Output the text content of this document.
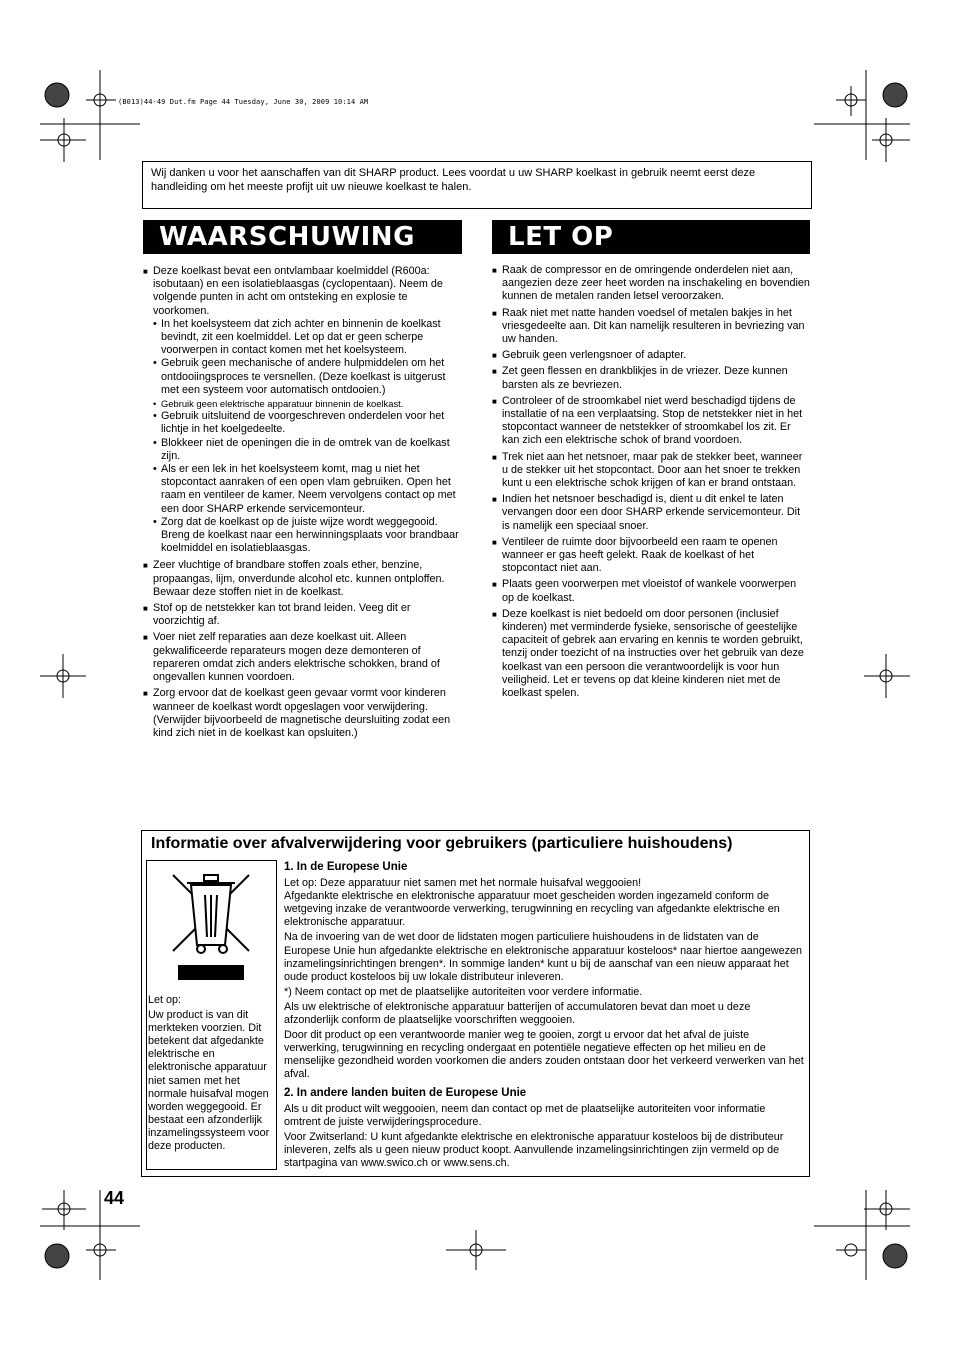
(B013)44-49 Dut.fm Page 44 Tuesday, June 30, 2009 10:14 AM
Wij danken u voor het aanschaffen van dit SHARP product. Lees voordat u uw SHARP koelkast in gebruik neemt eerst deze handleiding om het meeste profijt uit uw nieuwe koelkast te halen.
WAARSCHUWING
■ Deze koelkast bevat een ontvlambaar koelmiddel (R600a: isobutaan) en een isolatieblaasgas (cyclopentaan). Neem de volgende punten in acht om ontsteking en explosie te voorkomen.
• In het koelsysteem dat zich achter en binnenin de koelkast bevindt, zit een koelmiddel. Let op dat er geen scherpe voorwerpen in contact komen met het koelsysteem.
• Gebruik geen mechanische of andere hulpmiddelen om het ontdooiingsproces te versnellen. (Deze koelkast is uitgerust met een systeem voor automatisch ontdooien.)
• Gebruik geen elektrische apparatuur binnenin de koelkast.
• Gebruik uitsluitend de voorgeschreven onderdelen voor het lichtje in het koelgedeelte.
• Blokkeer niet de openingen die in de omtrek van de koelkast zijn.
• Als er een lek in het koelsysteem komt, mag u niet het stopcontact aanraken of een open vlam gebruiken. Open het raam en ventileer de kamer. Neem vervolgens contact op met een door SHARP erkende servicemonteur.
• Zorg dat de koelkast op de juiste wijze wordt weggegooid. Breng de koelkast naar een herwinningsplaats voor brandbaar koelmiddel en isolatieblaasgas.
■ Zeer vluchtige of brandbare stoffen zoals ether, benzine, propaangas, lijm, onverdunde alcohol etc. kunnen ontploffen. Bewaar deze stoffen niet in de koelkast.
■ Stof op de netstekker kan tot brand leiden. Veeg dit er voorzichtig af.
■ Voer niet zelf reparaties aan deze koelkast uit. Alleen gekwalificeerde reparateurs mogen deze demonteren of repareren omdat zich anders elektrische schokken, brand of ongevallen kunnen voordoen.
■ Zorg ervoor dat de koelkast geen gevaar vormt voor kinderen wanneer de koelkast wordt opgeslagen voor verwijdering. (Verwijder bijvoorbeeld de magnetische deursluiting zodat een kind zich niet in de koelkast kan opsluiten.)
LET OP
■ Raak de compressor en de omringende onderdelen niet aan, aangezien deze zeer heet worden na inschakeling en bovendien kunnen de metalen randen letsel veroorzaken.
■ Raak niet met natte handen voedsel of metalen bakjes in het vriesgedeelte aan. Dit kan namelijk resulteren in bevriezing van uw handen.
■ Gebruik geen verlengsnoer of adapter.
■ Zet geen flessen en drankblikjes in de vriezer. Deze kunnen barsten als ze bevriezen.
■ Controleer of de stroomkabel niet werd beschadigd tijdens de installatie of na een verplaatsing. Stop de netstekker niet in het stopcontact wanneer de netstekker of stroomkabel los zit. Er kan zich een elektrische schok of brand voordoen.
■ Trek niet aan het netsnoer, maar pak de stekker beet, wanneer u de stekker uit het stopcontact. Door aan het snoer te trekken kunt u een elektrische schok krijgen of kan er brand ontstaan.
■ Indien het netsnoer beschadigd is, dient u dit enkel te laten vervangen door een door SHARP erkende servicemonteur. Dit is namelijk een speciaal snoer.
■ Ventileer de ruimte door bijvoorbeeld een raam te openen wanneer er gas heeft gelekt. Raak de koelkast of het stopcontact niet aan.
■ Plaats geen voorwerpen met vloeistof of wankele voorwerpen op de koelkast.
■ Deze koelkast is niet bedoeld om door personen (inclusief kinderen) met verminderde fysieke, sensorische of geestelijke capaciteit of gebrek aan ervaring en kennis te worden gebruikt, tenzij onder toezicht of na instructies over het gebruik van deze koelkast van een persoon die verantwoordelijk is voor hun veiligheid. Let er tevens op dat kleine kinderen niet met de koelkast spelen.
Informatie over afvalverwijdering voor gebruikers (particuliere huishoudens)
Let op:
Uw product is van dit merkteken voorzien. Dit betekent dat afgedankte elektrische en elektronische apparatuur niet samen met het normale huisafval mogen worden weggegooid. Er bestaat een afzonderlijk inzamelingssysteem voor deze producten.
1. In de Europese Unie

Let op: Deze apparatuur niet samen met het normale huisafval weggooien!

Afgedankte elektrische en elektronische apparatuur moet gescheiden worden ingezameld conform de wetgeving inzake de verantwoorde verwerking, terugwinning en recycling van afgedankte elektrische en elektronische apparatuur.

Na de invoering van de wet door de lidstaten mogen particuliere huishoudens in de lidstaten van de Europese Unie hun afgedankte elektrische en elektronische apparatuur kosteloos* naar hiertoe aangewezen inzamelingsinrichtingen brengen*. In sommige landen* kunt u bij de aanschaf van een nieuw apparaat het oude product kosteloos bij uw lokale distributeur inleveren.

*) Neem contact op met de plaatselijke autoriteiten voor verdere informatie.

Als uw elektrische of elektronische apparatuur batterijen of accumulatoren bevat dan moet u deze afzonderlijk conform de plaatselijke voorschriften weggooien.

Door dit product op een verantwoorde manier weg te gooien, zorgt u ervoor dat het afval de juiste verwerking, terugwinning en recycling ondergaat en potentiële negatieve effecten op het milieu en de menselijke gezondheid worden voorkomen die anders zouden ontstaan door het verkeerd verwerken van het afval.

2. In andere landen buiten de Europese Unie

Als u dit product wilt weggooien, neem dan contact op met de plaatselijke autoriteiten voor informatie omtrent de juiste verwijderingsprocedure.

Voor Zwitserland: U kunt afgedankte elektrische en elektronische apparatuur kosteloos bij de distributeur inleveren, zelfs als u geen nieuw product koopt. Aanvullende inzamelingsinrichtingen zijn vermeld op de startpagina van www.swico.ch or www.sens.ch.

44
